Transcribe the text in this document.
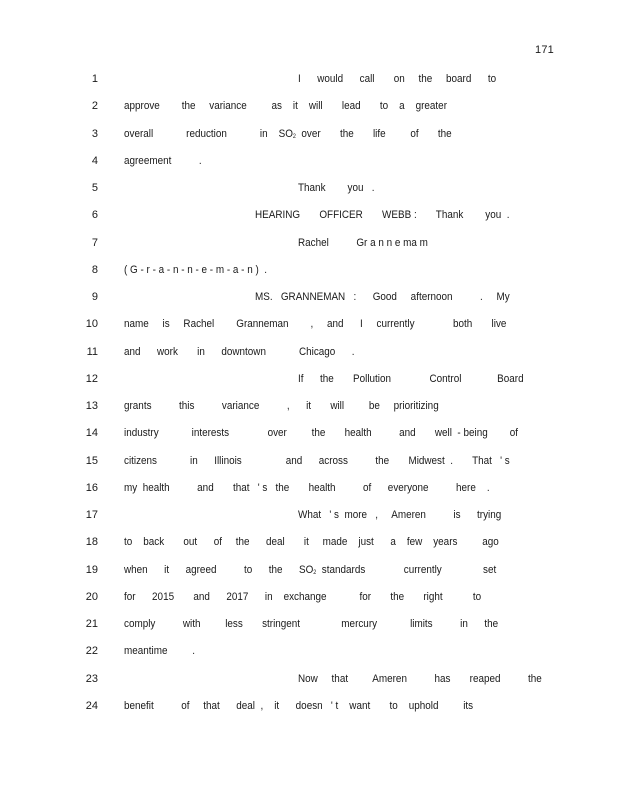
171
1	I      would      call       on     the     board      to
2 approve        the     variance         as    it    will       lead       to    a    greater
3 overall            reduction            in    $SO_2$  over       the       life         of       the
4 agreement          .
5	Thank        you   .
6	HEARING       OFFICER       WEBB :       Thank        you  .
7	Rachel          Gr a n n e ma m
8 ( G - r - a - n - n - e - m - a - n )  .
9	MS.   GRANNEMAN   :      Good     afternoon          .     My
10 name     is     Rachel        Granneman        ,     and      I     currently              both       live
11 and      work       in      downtown            Chicago      .
12	If      the       Pollution              Control             Board
13 grants          this          variance          ,      it       will         be     prioritizing
14 industry            interests              over         the       health          and       well  - being        of
15 citizens            in      Illinois                and      across          the       Midwest  .       That   ' s
16 my  health          and       that   ' s   the       health          of      everyone          here    .
17	What   ' s  more   ,     Ameren          is      trying
18 to    back       out      of     the      deal       it     made    just      a    few    years         ago
19 when      it      agreed          to      the      $SO_2$  standards              currently               set
20 for      2015       and      2017      in    exchange            for       the       right           to
21 comply          with         less       stringent               mercury            limits          in      the
22 meantime         .
23	Now     that         Ameren          has       reaped          the
24 benefit          of     that      deal  ,    it      doesn   ' t    want       to    uphold         its
